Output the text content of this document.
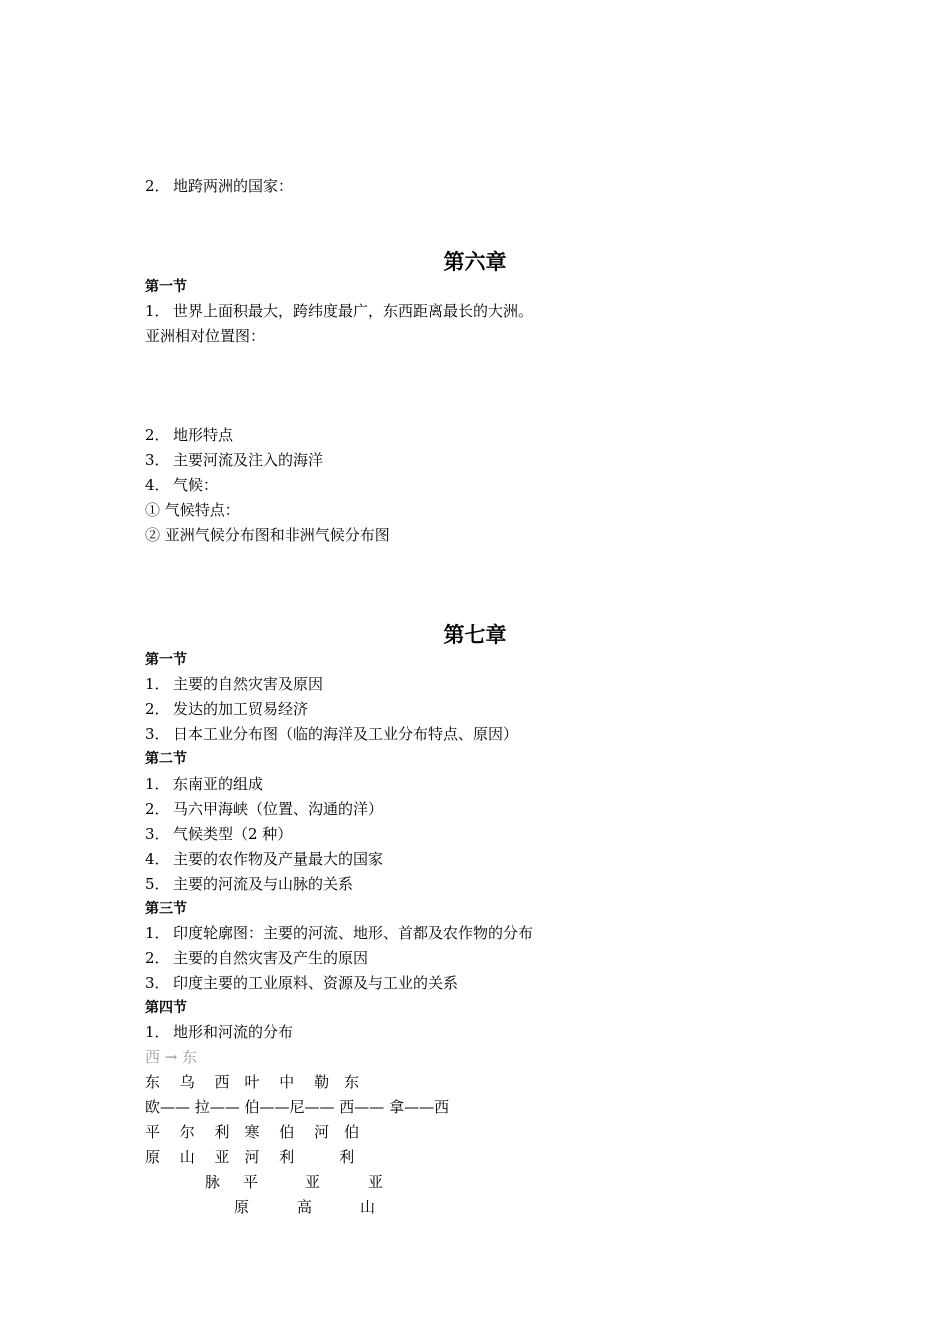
2． 地跨两洲的国家：

第六章

第一节

1． 世界上面积最大，跨纬度最广，东西距离最长的大洲。

亚洲相对位置图：

2． 地形特点

3． 主要河流及注入的海洋

4． 气候：

① 气候特点：

② 亚洲气候分布图和非洲气候分布图

第七章

第一节

1． 主要的自然灾害及原因

2． 发达的加工贸易经济

3． 日本工业分布图（临的海洋及工业分布特点、原因）

第二节

1． 东南亚的组成

2． 马六甲海峡（位置、沟通的洋）

3． 气候类型（2 种）

4． 主要的农作物及产量最大的国家

5． 主要的河流及与山脉的关系

第三节

1． 印度轮廓图：主要的河流、地形、首都及农作物的分布

2． 主要的自然灾害及产生的原因

3． 印度主要的工业原料、资源及与工业的关系

第四节

1． 地形和河流的分布

西 → 东

东　 乌　 西　叶　 中　 勒　东

欧—— 拉—— 伯——尼—— 西—— 拿——西

平　 尔　 利　寒　 伯　 河　伯

原　 山　 亚　河　 利　　　利

脉 平	亚	亚
原	高	山
